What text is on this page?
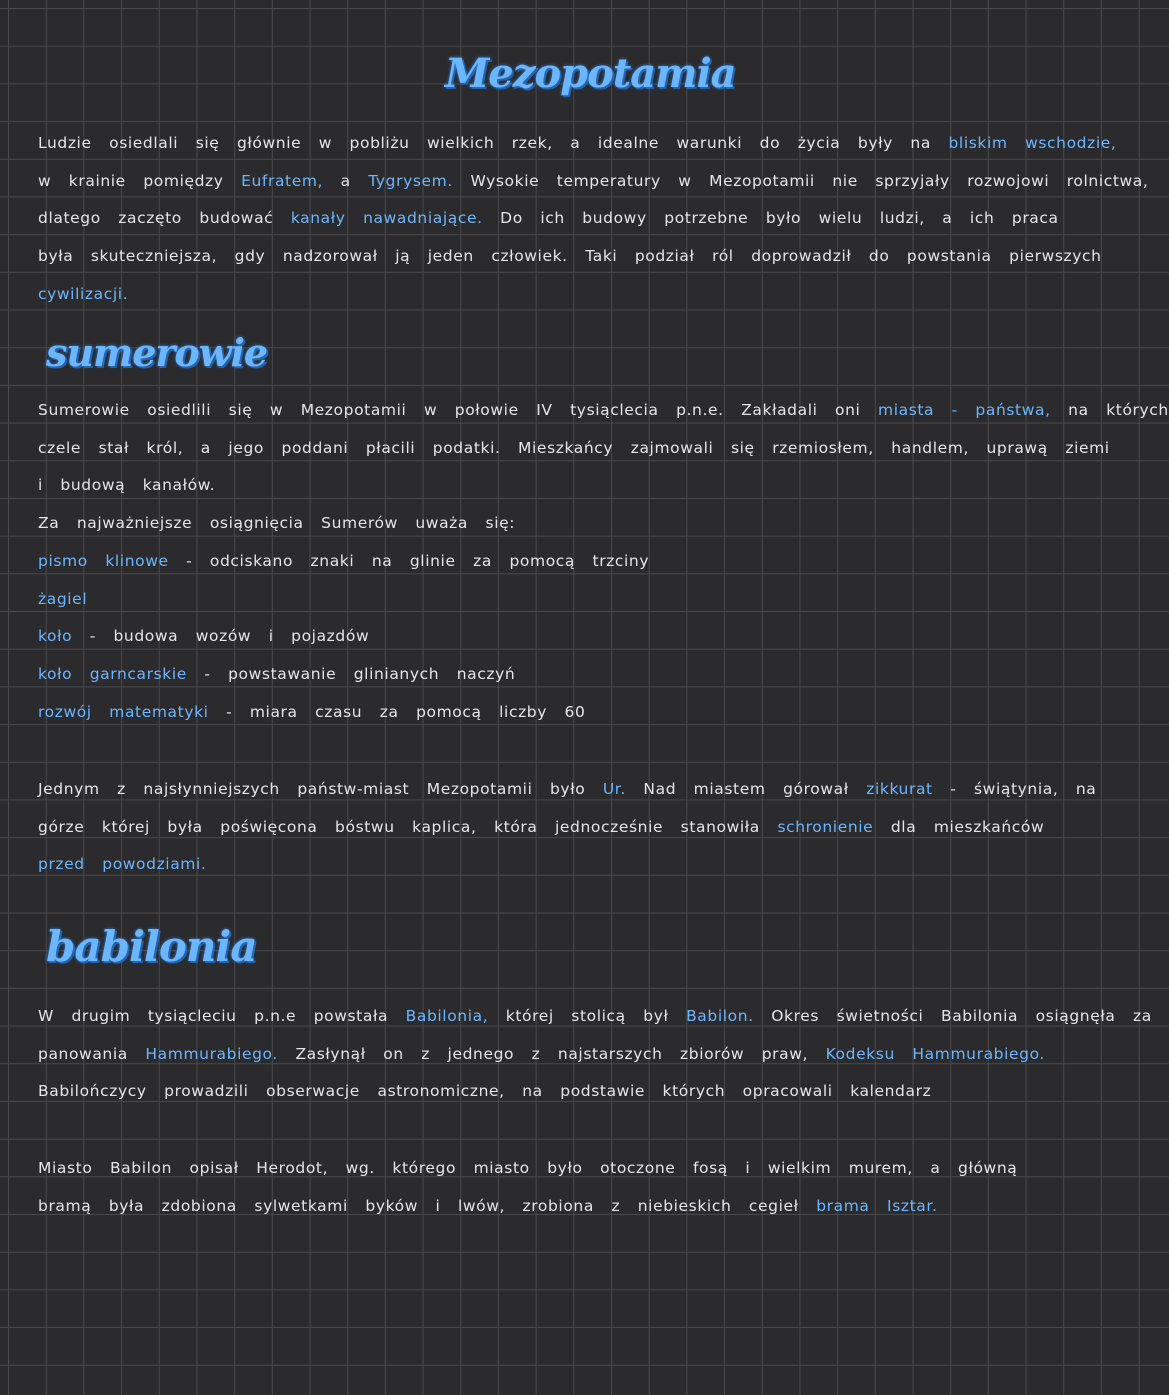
Mezopotamia
Ludzie osiedlali się głównie w pobliżu wielkich rzek, a idealne warunki do życia były na bliskim wschodzie,
w krainie pomiędzy Eufratem, a Tygrysem. Wysokie temperatury w Mezopotamii nie sprzyjały rozwojowi rolnictwa,
dlatego zaczęto budować kanały nawadniające. Do ich budowy potrzebne było wielu ludzi, a ich praca
była skuteczniejsza, gdy nadzorował ją jeden człowiek. Taki podział ról doprowadził do powstania pierwszych
cywilizacji.
sumerowie
Sumerowie osiedlili się w Mezopotamii w połowie IV tysiąclecia p.n.e. Zakładali oni miasta - państwa, na których
czele stał król, a jego poddani płacili podatki. Mieszkańcy zajmowali się rzemiosłem, handlem, uprawą ziemi
i budową kanałów.
Za najważniejsze osiągnięcia Sumerów uważa się:
pismo klinowe - odciskano znaki na glinie za pomocą trzciny
żagiel
koło - budowa wozów i pojazdów
koło garncarskie - powstawanie glinianych naczyń
rozwój matematyki - miara czasu za pomocą liczby 60
Jednym z najsłynniejszych państw-miast Mezopotamii było Ur. Nad miastem górował zikkurat - świątynia, na
górze której była poświęcona bóstwu kaplica, która jednocześnie stanowiła schronienie dla mieszkańców
przed powodziami.
babilonia
W drugim tysiącleciu p.n.e powstała Babilonia, której stolicą był Babilon. Okres świetności Babilonia osiągnęła za
panowania Hammurabiego. Zasłynął on z jednego z najstarszych zbiorów praw, Kodeksu Hammurabiego.
Babilończycy prowadzili obserwacje astronomiczne, na podstawie których opracowali kalendarz
Miasto Babilon opisał Herodot, wg. którego miasto było otoczone fosą i wielkim murem, a główną
bramą była zdobiona sylwetkami byków i lwów, zrobiona z niebieskich cegieł brama Isztar.
